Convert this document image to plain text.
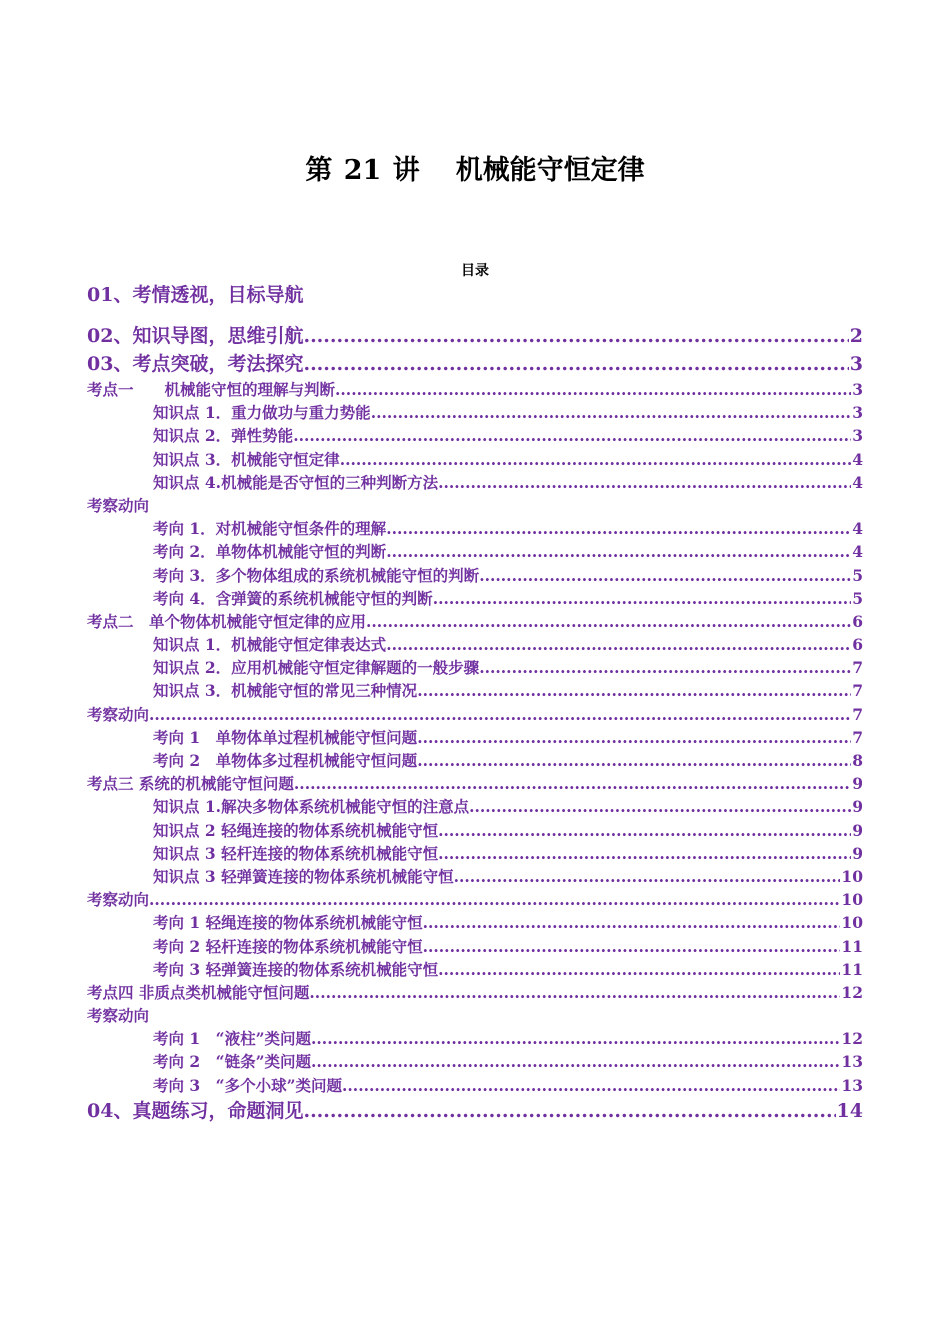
第 21 讲 机械能守恒定律
目录
01、考情透视，目标导航
02、知识导图，思维引航 .....	2
03、考点突破，考法探究 .....	3
考点一　　机械能守恒的理解与判断 .....	3
知识点 1．重力做功与重力势能 .....	3
知识点 2．弹性势能 .....	3
知识点 3．机械能守恒定律 .....	4
知识点 4.机械能是否守恒的三种判断方法 .....	4
考察动向
考向 1．对机械能守恒条件的理解 .....	4
考向 2．单物体机械能守恒的判断 .....	4
考向 3．多个物体组成的系统机械能守恒的判断 .....	5
考向 4．含弹簧的系统机械能守恒的判断 .....	5
考点二　单个物体机械能守恒定律的应用 .....	6
知识点 1．机械能守恒定律表达式 .....	6
知识点 2．应用机械能守恒定律解题的一般步骤 .....	7
知识点 3．机械能守恒的常见三种情况 .....	7
考察动向 .....	7
考向 1　单物体单过程机械能守恒问题 .....	7
考向 2　单物体多过程机械能守恒问题 .....	8
考点三 系统的机械能守恒问题 .....	9
知识点 1.解决多物体系统机械能守恒的注意点 .....	9
知识点 2 轻绳连接的物体系统机械能守恒 .....	9
知识点 3 轻杆连接的物体系统机械能守恒 .....	9
知识点 3 轻弹簧连接的物体系统机械能守恒 .....	10
考察动向 .....	10
考向 1 轻绳连接的物体系统机械能守恒 .....	10
考向 2 轻杆连接的物体系统机械能守恒 .....	11
考向 3 轻弹簧连接的物体系统机械能守恒 .....	11
考点四 非质点类机械能守恒问题 .....	12
考察动向
考向 1　“液柱”类问题 .....	12
考向 2　“链条”类问题 .....	13
考向 3　“多个小球”类问题 .....	13
04、真题练习，命题洞见 .....	14
